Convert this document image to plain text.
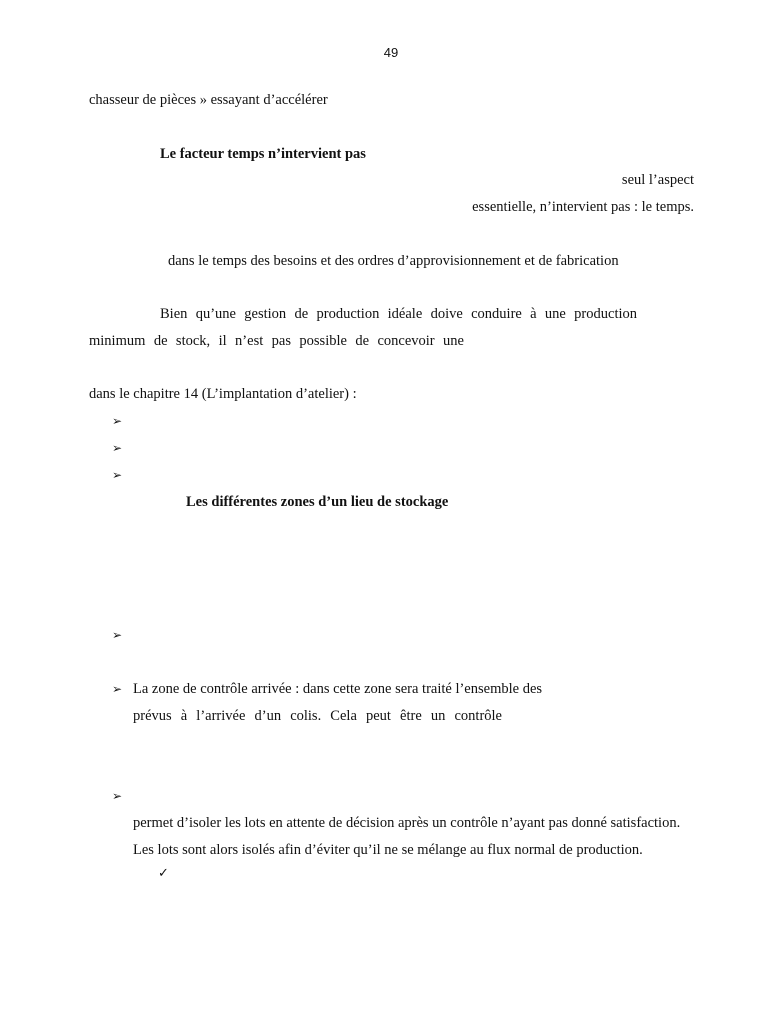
49
chasseur de pièces » essayant d’accélérer
Le facteur temps n’intervient pas
seul l’aspect
essentielle, n’intervient pas : le temps.
dans le temps des besoins et des ordres d’approvisionnement et de fabrication
Bien qu’une gestion de production idéale doive conduire à une production
minimum de stock, il n’est pas possible de concevoir une
dans le chapitre 14 (L’implantation d’atelier) :
➢
➢
➢
Les différentes zones d’un lieu de stockage
➢
➢ La zone de contrôle arrivée : dans cette zone sera traité l’ensemble des
prévus à l’arrivée d’un colis. Cela peut être un contrôle
➢
permet d’isoler les lots en attente de décision après un contrôle n’ayant pas donné satisfaction.
Les lots sont alors isolés afin d’éviter qu’il ne se mélange au flux normal de production.
✓
